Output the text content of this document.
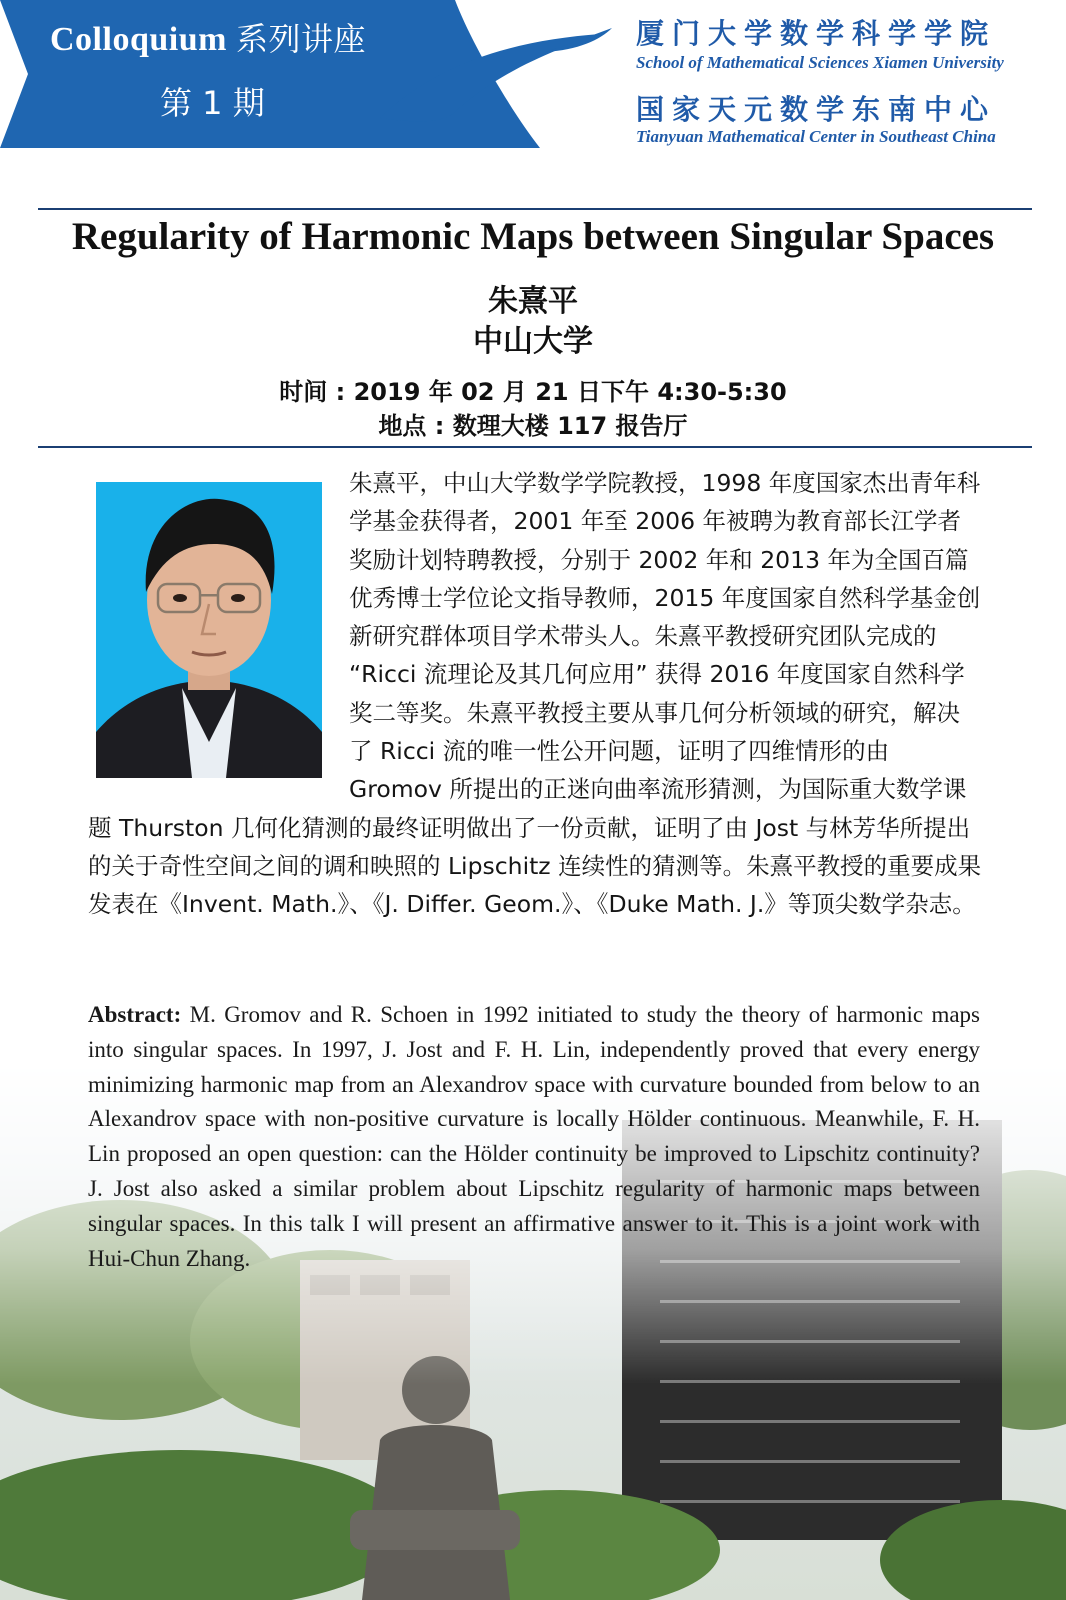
Colloquium 系列讲座
第 1 期
厦门大学数学科学学院
School of Mathematical Sciences Xiamen University
国家天元数学东南中心
Tianyuan Mathematical Center in Southeast China
Regularity of Harmonic Maps between Singular Spaces
朱熹平
中山大学
时间 : 2019 年 02 月 21 日下午 4:30-5:30
地点 : 数理大楼 117 报告厅
朱熹平，中山大学数学学院教授，1998 年度国家杰出青年科学基金获得者，2001 年至 2006 年被聘为教育部长江学者奖励计划特聘教授，分别于 2002 年和 2013 年为全国百篇优秀博士学位论文指导教师，2015 年度国家自然科学基金创新研究群体项目学术带头人。朱熹平教授研究团队完成的 “Ricci 流理论及其几何应用” 获得 2016 年度国家自然科学奖二等奖。朱熹平教授主要从事几何分析领域的研究，解决了 Ricci 流的唯一性公开问题，证明了四维情形的由 Gromov 所提出的正迷向曲率流形猜测，为国际重大数学课题 Thurston 几何化猜测的最终证明做出了一份贡献，证明了由 Jost 与林芳华所提出的关于奇性空间之间的调和映照的 Lipschitz 连续性的猜测等。朱熹平教授的重要成果发表在《Invent. Math.》、《J. Differ. Geom.》、《Duke Math. J.》等顶尖数学杂志。
Abstract: M. Gromov and R. Schoen in 1992 initiated to study the theory of harmonic maps into singular spaces. In 1997, J. Jost and F. H. Lin, independently proved that every energy minimizing harmonic map from an Alexandrov space with curvature bounded from below to an Alexandrov space with non-positive curvature is locally Hölder continuous. Meanwhile, F. H. Lin proposed an open question: can the Hölder continuity be improved to Lipschitz continuity? J. Jost also asked a similar problem about Lipschitz regularity of harmonic maps between singular spaces. In this talk I will present an affirmative answer to it. This is a joint work with Hui-Chun Zhang.
